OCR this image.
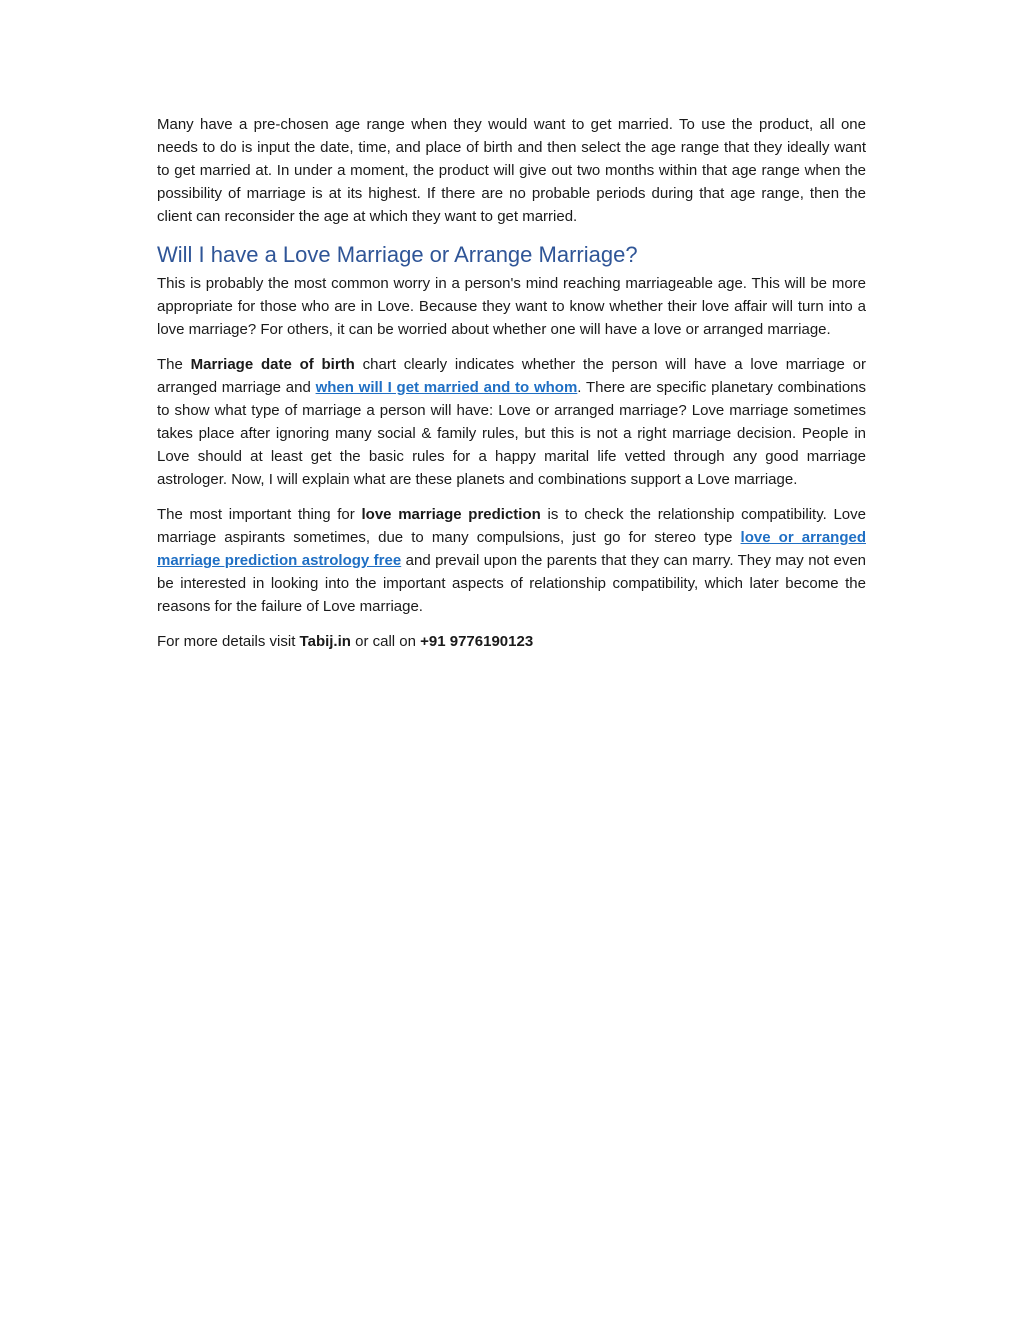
Many have a pre-chosen age range when they would want to get married. To use the product, all one needs to do is input the date, time, and place of birth and then select the age range that they ideally want to get married at. In under a moment, the product will give out two months within that age range when the possibility of marriage is at its highest. If there are no probable periods during that age range, then the client can reconsider the age at which they want to get married.

Will I have a Love Marriage or Arrange Marriage?

This is probably the most common worry in a person's mind reaching marriageable age. This will be more appropriate for those who are in Love. Because they want to know whether their love affair will turn into a love marriage? For others, it can be worried about whether one will have a love or arranged marriage.

The Marriage date of birth chart clearly indicates whether the person will have a love marriage or arranged marriage and when will I get married and to whom. There are specific planetary combinations to show what type of marriage a person will have: Love or arranged marriage? Love marriage sometimes takes place after ignoring many social & family rules, but this is not a right marriage decision. People in Love should at least get the basic rules for a happy marital life vetted through any good marriage astrologer. Now, I will explain what are these planets and combinations support a Love marriage.

The most important thing for love marriage prediction is to check the relationship compatibility. Love marriage aspirants sometimes, due to many compulsions, just go for stereo type love or arranged marriage prediction astrology free and prevail upon the parents that they can marry. They may not even be interested in looking into the important aspects of relationship compatibility, which later become the reasons for the failure of Love marriage.

For more details visit Tabij.in or call on +91 9776190123
